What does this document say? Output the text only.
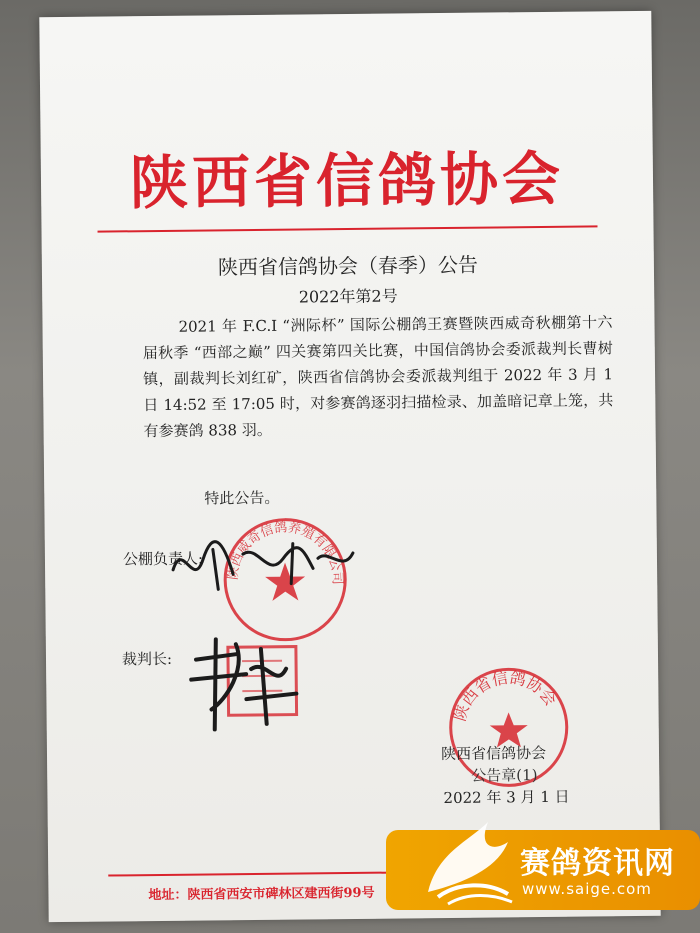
陕西省信鸽协会
陕西省信鸽协会（春季）公告
2022年第2号
2021 年 F.C.I “洲际杯” 国际公棚鸽王赛暨陕西威奇秋棚第十六届秋季 “西部之巅” 四关赛第四关比赛，中国信鸽协会委派裁判长曹树镇，副裁判长刘红矿，陕西省信鸽协会委派裁判组于 2022 年 3 月 1 日 14:52 至 17:05 时，对参赛鸽逐羽扫描检录、加盖暗记章上笼，共有参赛鸽 838 羽。
特此公告。
公棚负责人:
陕西威奇信鸽养殖有限公司
裁判长:
陕西省信鸽协会
陕西省信鸽协会
公告章(1)
2022 年 3 月 1 日
地址：陕西省西安市碑林区建西街99号
赛鸽资讯网
www.saige.com
